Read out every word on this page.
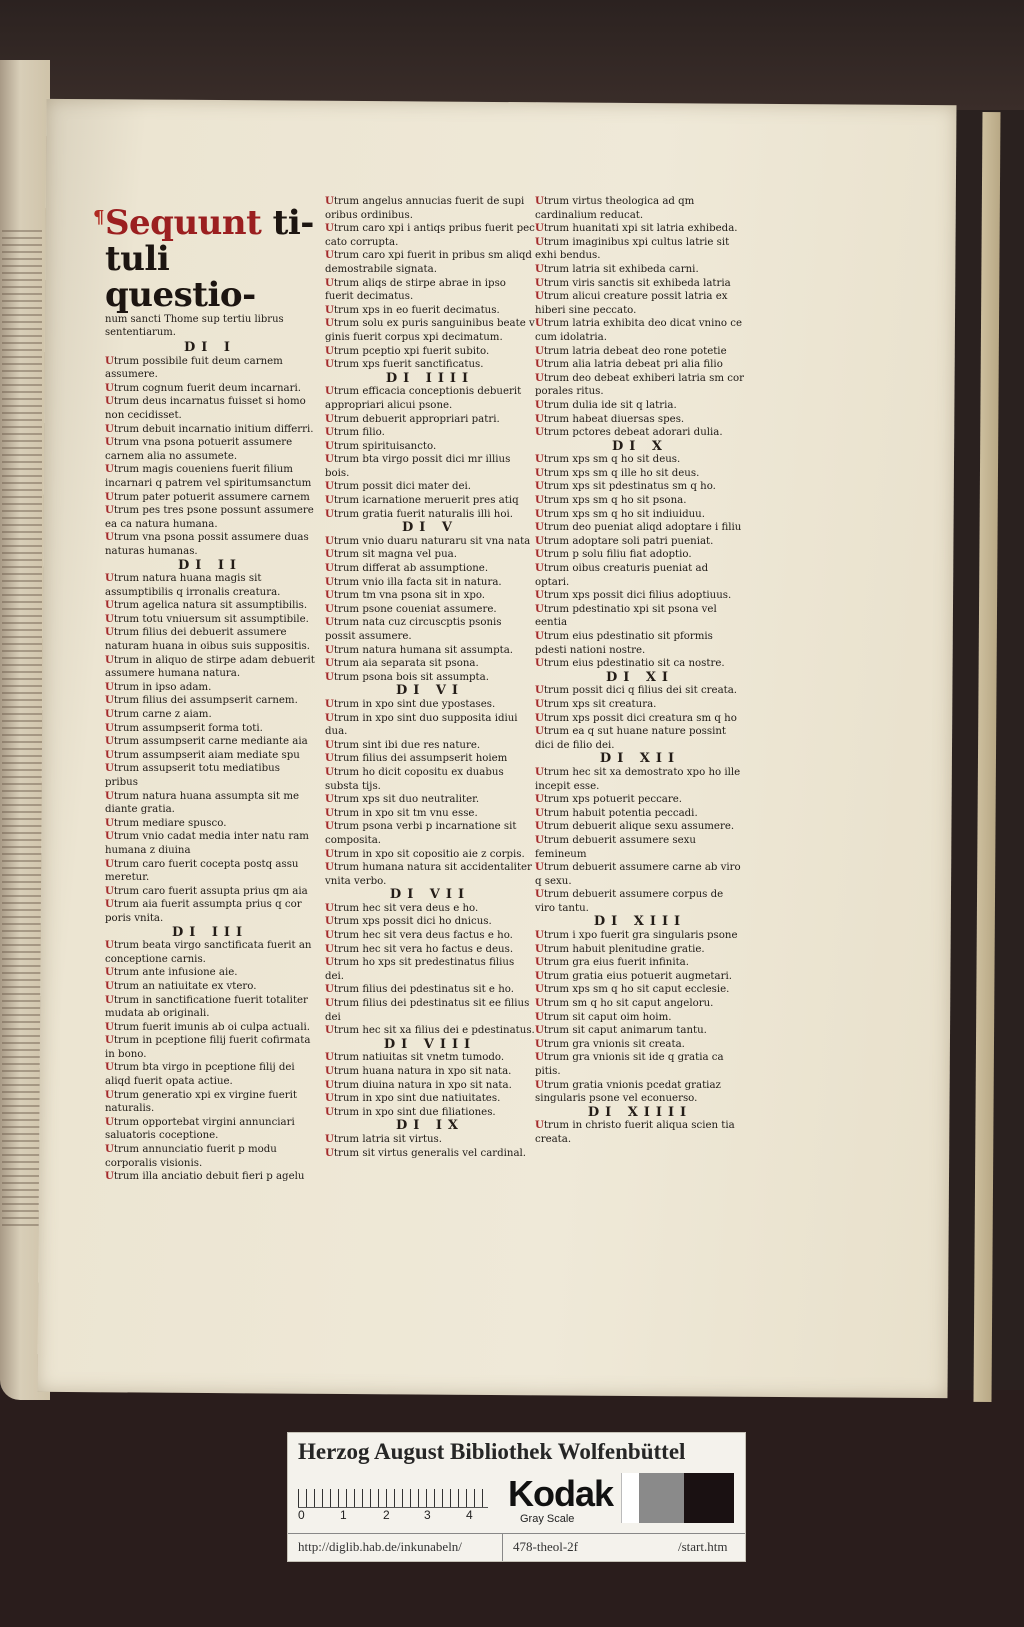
¶ Sequunt ti-

tuli questio-

num sancti Thome sup tertiu librus sententiarum.

DI I

Utrum possibile fuit deum carnem assumere.

Utrum cognum fuerit deum incarnari.

Utrum deus incarnatus fuisset si homo non cecidisset.

Utrum debuit incarnatio initium differri.

Utrum vna psona potuerit assumere carnem alia no assumete.

Utrum magis coueniens fuerit filium incarnari q patrem vel spiritumsanctum

Utrum pater potuerit assumere carnem

Utrum pes tres psone possunt assumere ea ca natura humana.

Utrum vna psona possit assumere duas naturas humanas.

DI II

Utrum natura huana magis sit assumptibilis q irronalis creatura.

Utrum agelica natura sit assumptibilis.

Utrum totu vniuersum sit assumptibile.

Utrum filius dei debuerit assumere naturam huana in oibus suis suppositis.

Utrum in aliquo de stirpe adam debuerit assumere humana natura.

Utrum in ipso adam.

Utrum filius dei assumpserit carnem.

Utrum carne z aiam.

Utrum assumpserit forma toti.

Utrum assumpserit carne mediante aia

Utrum assumpserit aiam mediate spu

Utrum assupserit totu mediatibus pribus

Utrum natura huana assumpta sit me diante gratia.

Utrum mediare spusco.

Utrum vnio cadat media inter natu ram humana z diuina

Utrum caro fuerit cocepta postq assu meretur.

Utrum caro fuerit assupta prius qm aia

Utrum aia fuerit assumpta prius q cor poris vnita.

DI III

Utrum beata virgo sanctificata fuerit an conceptione carnis.

Utrum ante infusione aie.

Utrum an natiuitate ex vtero.

Utrum in sanctificatione fuerit totaliter mudata ab originali.

Utrum fuerit imunis ab oi culpa actuali.

Utrum in pceptione filij fuerit cofirmata in bono.

Utrum bta virgo in pceptione filij dei aliqd fuerit opata actiue.

Utrum generatio xpi ex virgine fuerit naturalis.

Utrum opportebat virgini annunciari saluatoris coceptione.

Utrum annunciatio fuerit p modu corporalis visionis.

Utrum illa anciatio debuit fieri p agelu

Utrum angelus annucias fuerit de supi oribus ordinibus.

Utrum caro xpi i antiqs pribus fuerit pec cato corrupta.

Utrum caro xpi fuerit in pribus sm aliqd demostrabile signata.

Utrum aliqs de stirpe abrae in ipso fuerit decimatus.

Utrum xps in eo fuerit decimatus.

Utrum solu ex puris sanguinibus beate v ginis fuerit corpus xpi decimatum.

Utrum pceptio xpi fuerit subito.

Utrum xps fuerit sanctificatus.

DI IIII

Utrum efficacia conceptionis debuerit appropriari alicui psone.

Utrum debuerit appropriari patri.

Utrum filio.

Utrum spirituisancto.

Utrum bta virgo possit dici mr illius bois.

Utrum possit dici mater dei.

Utrum icarnatione meruerit pres atiq

Utrum gratia fuerit naturalis illi hoi.

DI V

Utrum vnio duaru naturaru sit vna nata

Utrum sit magna vel pua.

Utrum differat ab assumptione.

Utrum vnio illa facta sit in natura.

Utrum tm vna psona sit in xpo.

Utrum psone coueniat assumere.

Utrum nata cuz circuscptis psonis possit assumere.

Utrum natura humana sit assumpta.

Utrum aia separata sit psona.

Utrum psona bois sit assumpta.

DI VI

Utrum in xpo sint due ypostases.

Utrum in xpo sint duo supposita idiui dua.

Utrum sint ibi due res nature.

Utrum filius dei assumpserit hoiem

Utrum ho dicit copositu ex duabus substa tijs.

Utrum xps sit duo neutraliter.

Utrum in xpo sit tm vnu esse.

Utrum psona verbi p incarnatione sit composita.

Utrum in xpo sit copositio aie z corpis.

Utrum humana natura sit accidentaliter vnita verbo.

DI VII

Utrum hec sit vera deus e ho.

Utrum xps possit dici ho dnicus.

Utrum hec sit vera deus factus e ho.

Utrum hec sit vera ho factus e deus.

Utrum ho xps sit predestinatus filius dei.

Utrum filius dei pdestinatus sit e ho.

Utrum filius dei pdestinatus sit ee filius dei

Utrum hec sit xa filius dei e pdestinatus.

DI VIII

Utrum natiuitas sit vnetm tumodo.

Utrum huana natura in xpo sit nata.

Utrum diuina natura in xpo sit nata.

Utrum in xpo sint due natiuitates.

Utrum in xpo sint due filiationes.

DI IX

Utrum latria sit virtus.

Utrum sit virtus generalis vel cardinal.

Utrum virtus theologica ad qm cardinalium reducat.

Utrum huanitati xpi sit latria exhibeda.

Utrum imaginibus xpi cultus latrie sit exhi bendus.

Utrum latria sit exhibeda carni.

Utrum viris sanctis sit exhibeda latria

Utrum alicui creature possit latria ex hiberi sine peccato.

Utrum latria exhibita deo dicat vnino ce cum idolatria.

Utrum latria debeat deo rone potetie

Utrum alia latria debeat pri alia filio

Utrum deo debeat exhiberi latria sm cor porales ritus.

Utrum dulia ide sit q latria.

Utrum habeat diuersas spes.

Utrum pctores debeat adorari dulia.

DI X

Utrum xps sm q ho sit deus.

Utrum xps sm q ille ho sit deus.

Utrum xps sit pdestinatus sm q ho.

Utrum xps sm q ho sit psona.

Utrum xps sm q ho sit indiuiduu.

Utrum deo pueniat aliqd adoptare i filiu

Utrum adoptare soli patri pueniat.

Utrum p solu filiu fiat adoptio.

Utrum oibus creaturis pueniat ad optari.

Utrum xps possit dici filius adoptiuus.

Utrum pdestinatio xpi sit psona vel eentia

Utrum eius pdestinatio sit pformis pdesti nationi nostre.

Utrum eius pdestinatio sit ca nostre.

DI XI

Utrum possit dici q filius dei sit creata.

Utrum xps sit creatura.

Utrum xps possit dici creatura sm q ho

Utrum ea q sut huane nature possint dici de filio dei.

DI XII

Utrum hec sit xa demostrato xpo ho ille incepit esse.

Utrum xps potuerit peccare.

Utrum habuit potentia peccadi.

Utrum debuerit aliquе sexu assumere.

Utrum debuerit assumere sexu femineum

Utrum debuerit assumere carne ab viro q sexu.

Utrum debuerit assumere corpus de viro tantu.

DI XIII

Utrum i xpo fuerit gra singularis psone

Utrum habuit plenitudine gratie.

Utrum gra eius fuerit infinita.

Utrum gratia eius potuerit augmetari.

Utrum xps sm q ho sit caput ecclesie.

Utrum sm q ho sit caput angeloru.

Utrum sit caput oim hoim.

Utrum sit caput animarum tantu.

Utrum gra vnionis sit creata.

Utrum gra vnionis sit ide q gratia ca pitis.

Utrum gratia vnionis pcedat gratiaz singularis psone vel econuerso.

DI XIIII

Utrum in christo fuerit aliqua scien tia creata.

Herzog August Bibliothek Wolfenbüttel
0	1	2	3	4
Kodak
Gray Scale
http://diglib.hab.de/inkunabeln/	478-theol-2f	/start.htm
